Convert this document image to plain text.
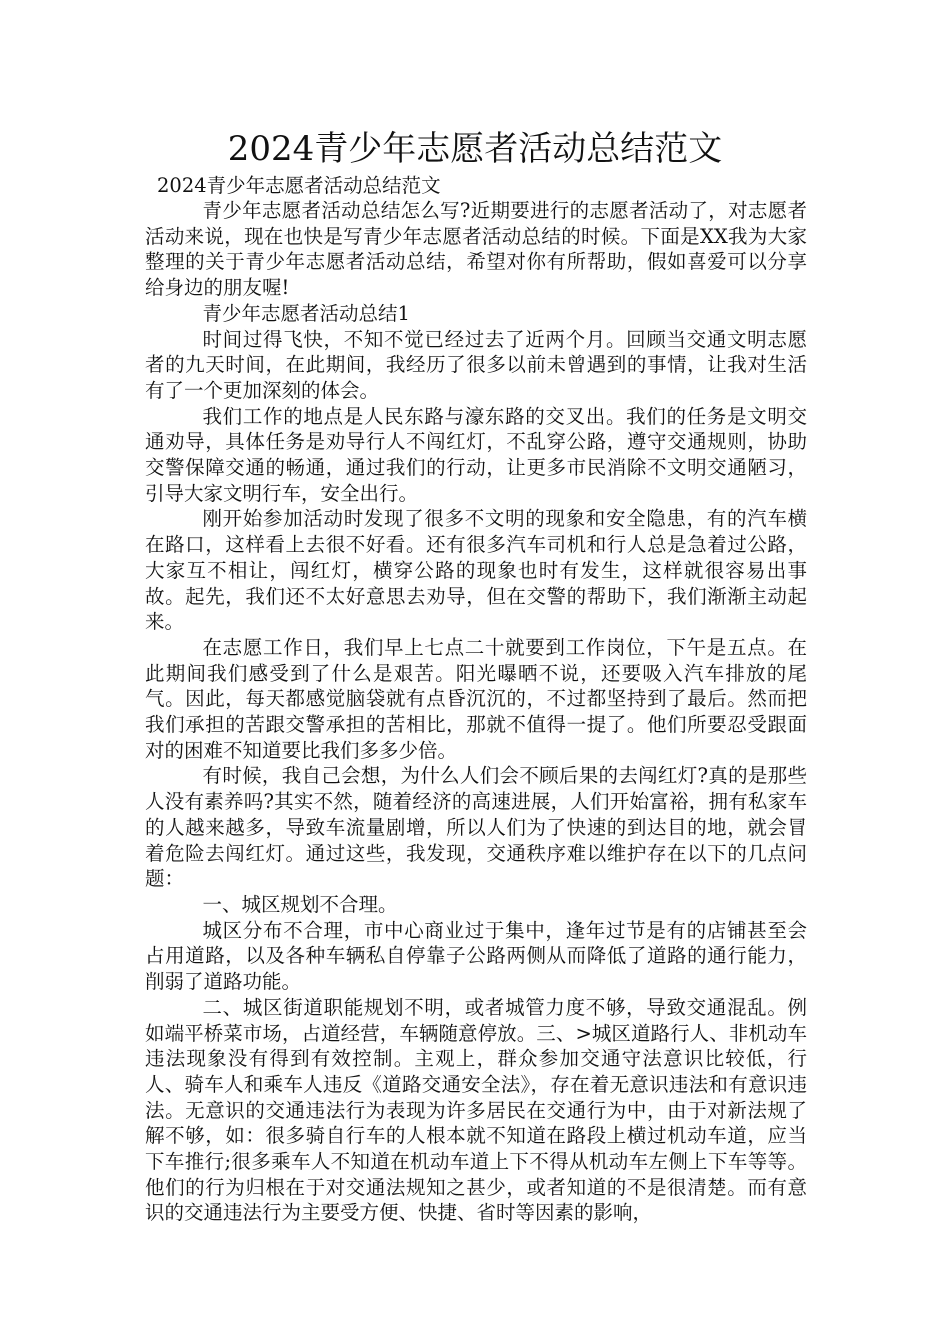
2024青少年志愿者活动总结范文
2024青少年志愿者活动总结范文

青少年志愿者活动总结怎么写?近期要进行的志愿者活动了，对志愿者活动来说，现在也快是写青少年志愿者活动总结的时候。下面是XX我为大家整理的关于青少年志愿者活动总结，希望对你有所帮助，假如喜爱可以分享给身边的朋友喔!

青少年志愿者活动总结1

时间过得飞快，不知不觉已经过去了近两个月。回顾当交通文明志愿者的九天时间，在此期间，我经历了很多以前未曾遇到的事情，让我对生活有了一个更加深刻的体会。

我们工作的地点是人民东路与濠东路的交叉出。我们的任务是文明交通劝导，具体任务是劝导行人不闯红灯，不乱穿公路，遵守交通规则，协助交警保障交通的畅通，通过我们的行动，让更多市民消除不文明交通陋习，引导大家文明行车，安全出行。

刚开始参加活动时发现了很多不文明的现象和安全隐患，有的汽车横在路口，这样看上去很不好看。还有很多汽车司机和行人总是急着过公路，大家互不相让，闯红灯，横穿公路的现象也时有发生，这样就很容易出事故。起先，我们还不太好意思去劝导，但在交警的帮助下，我们渐渐主动起来。

在志愿工作日，我们早上七点二十就要到工作岗位，下午是五点。在此期间我们感受到了什么是艰苦。阳光曝晒不说，还要吸入汽车排放的尾气。因此，每天都感觉脑袋就有点昏沉沉的，不过都坚持到了最后。然而把我们承担的苦跟交警承担的苦相比，那就不值得一提了。他们所要忍受跟面对的困难不知道要比我们多多少倍。

有时候，我自己会想，为什么人们会不顾后果的去闯红灯?真的是那些人没有素养吗?其实不然，随着经济的高速进展，人们开始富裕，拥有私家车的人越来越多，导致车流量剧增，所以人们为了快速的到达目的地，就会冒着危险去闯红灯。通过这些，我发现，交通秩序难以维护存在以下的几点问题：

一、城区规划不合理。

城区分布不合理，市中心商业过于集中，逢年过节是有的店铺甚至会占用道路，以及各种车辆私自停靠子公路两侧从而降低了道路的通行能力，削弱了道路功能。

二、城区街道职能规划不明，或者城管力度不够，导致交通混乱。例如端平桥菜市场，占道经营，车辆随意停放。三、>城区道路行人、非机动车违法现象没有得到有效控制。主观上，群众参加交通守法意识比较低，行人、骑车人和乘车人违反《道路交通安全法》，存在着无意识违法和有意识违法。无意识的交通违法行为表现为许多居民在交通行为中，由于对新法规了解不够，如：很多骑自行车的人根本就不知道在路段上横过机动车道，应当下车推行;很多乘车人不知道在机动车道上下不得从机动车左侧上下车等等。他们的行为归根在于对交通法规知之甚少，或者知道的不是很清楚。而有意识的交通违法行为主要受方便、快捷、省时等因素的影响，
